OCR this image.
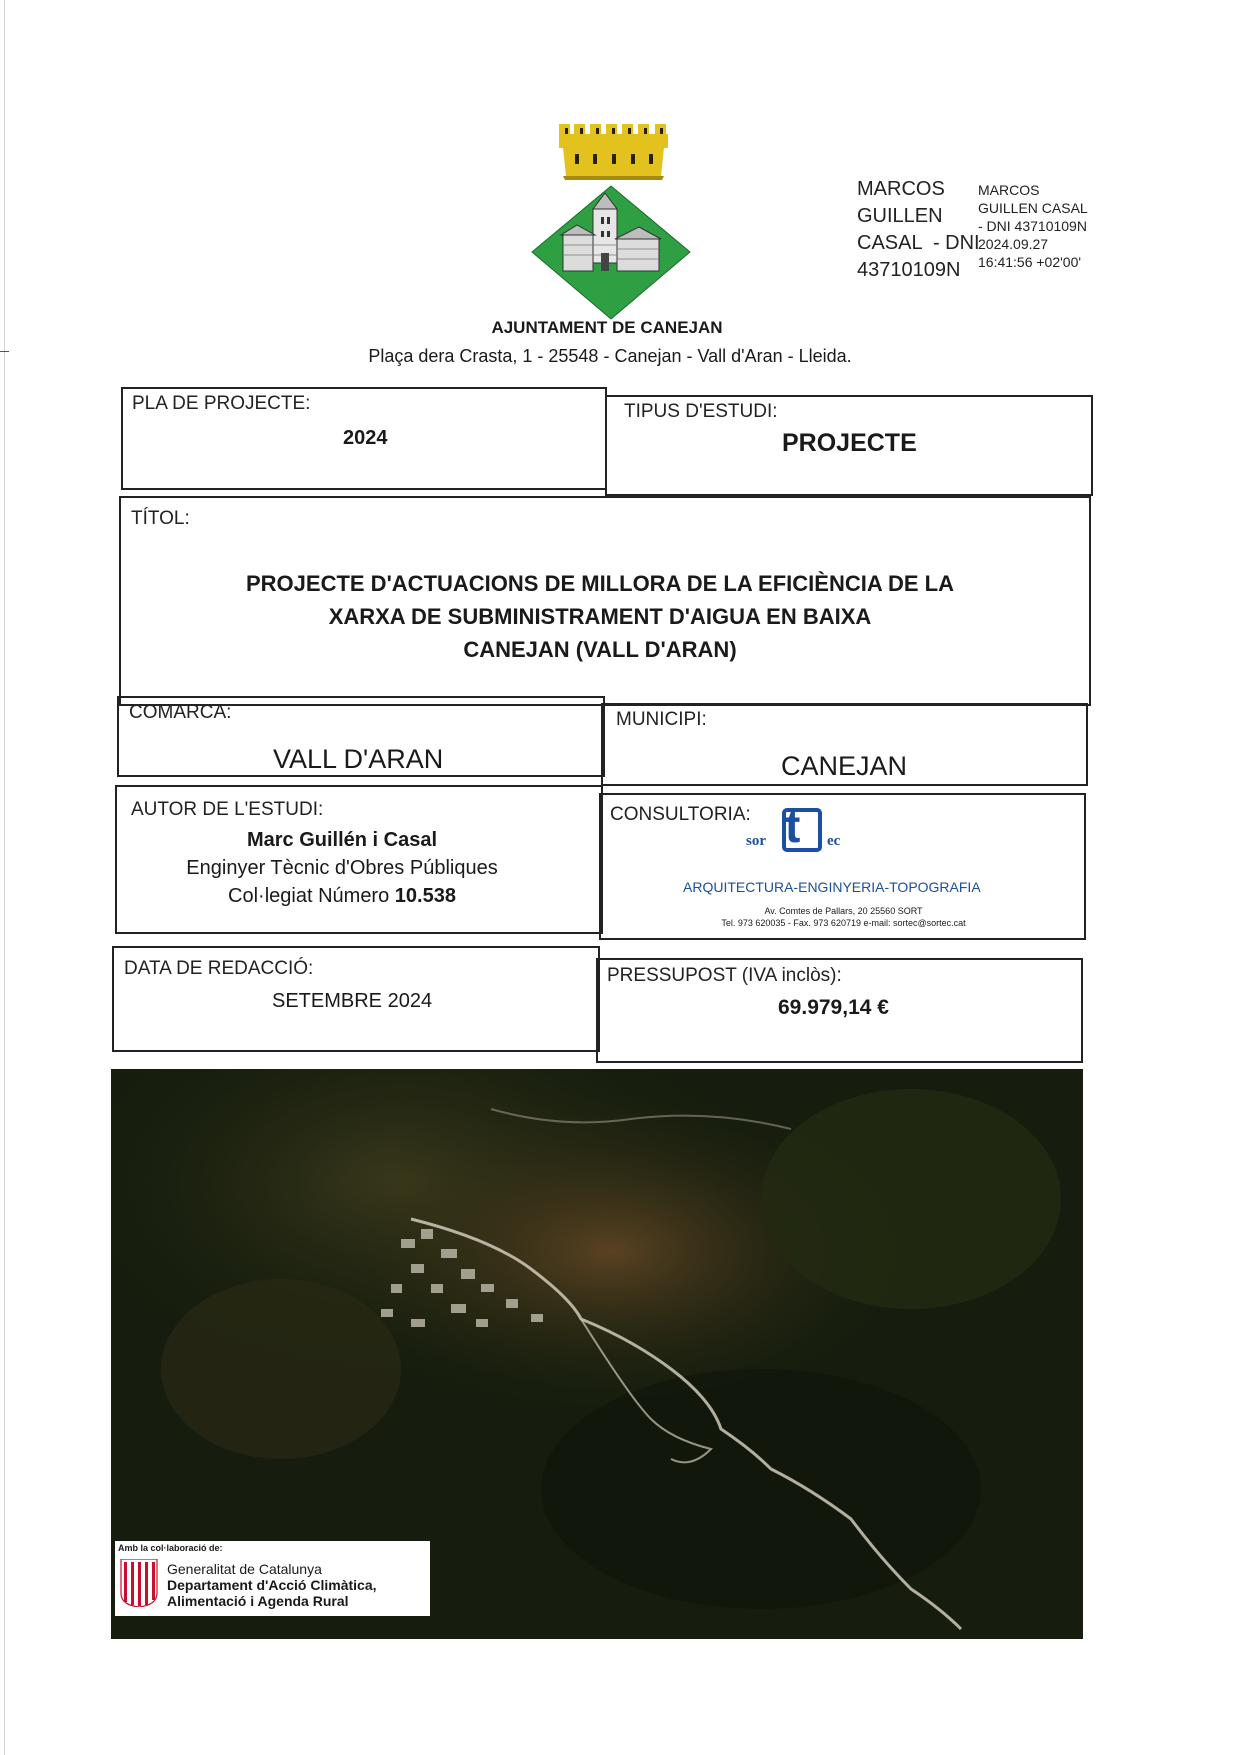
MARCOS
GUILLEN
CASAL  - DNI
43710109N
MARCOS
GUILLEN CASAL
- DNI 43710109N
2024.09.27
16:41:56 +02'00'
AJUNTAMENT DE CANEJAN
Plaça dera Crasta, 1 - 25548 - Canejan - Vall d'Aran - Lleida.
PLA DE PROJECTE:
2024
TIPUS D'ESTUDI:
PROJECTE
TÍTOL:
PROJECTE D'ACTUACIONS DE MILLORA DE LA EFICIÈNCIA DE LA
XARXA DE SUBMINISTRAMENT D'AIGUA EN BAIXA
CANEJAN (VALL D'ARAN)
COMARCA:
VALL D'ARAN
MUNICIPI:
CANEJAN
AUTOR DE L'ESTUDI:
Marc Guillén i Casal
Enginyer Tècnic d'Obres Públiques
Col·legiat Número 10.538
CONSULTORIA:
sor t ec
ARQUITECTURA-ENGINYERIA-TOPOGRAFIA
Av. Comtes de Pallars, 20 25560 SORT
Tel. 973 620035 - Fax. 973 620719 e-mail: sortec@sortec.cat
DATA DE REDACCIÓ:
SETEMBRE 2024
PRESSUPOST (IVA inclòs):
69.979,14 €
Amb la col·laboració de:
Generalitat de Catalunya
Departament d'Acció Climàtica,
Alimentació i Agenda Rural
